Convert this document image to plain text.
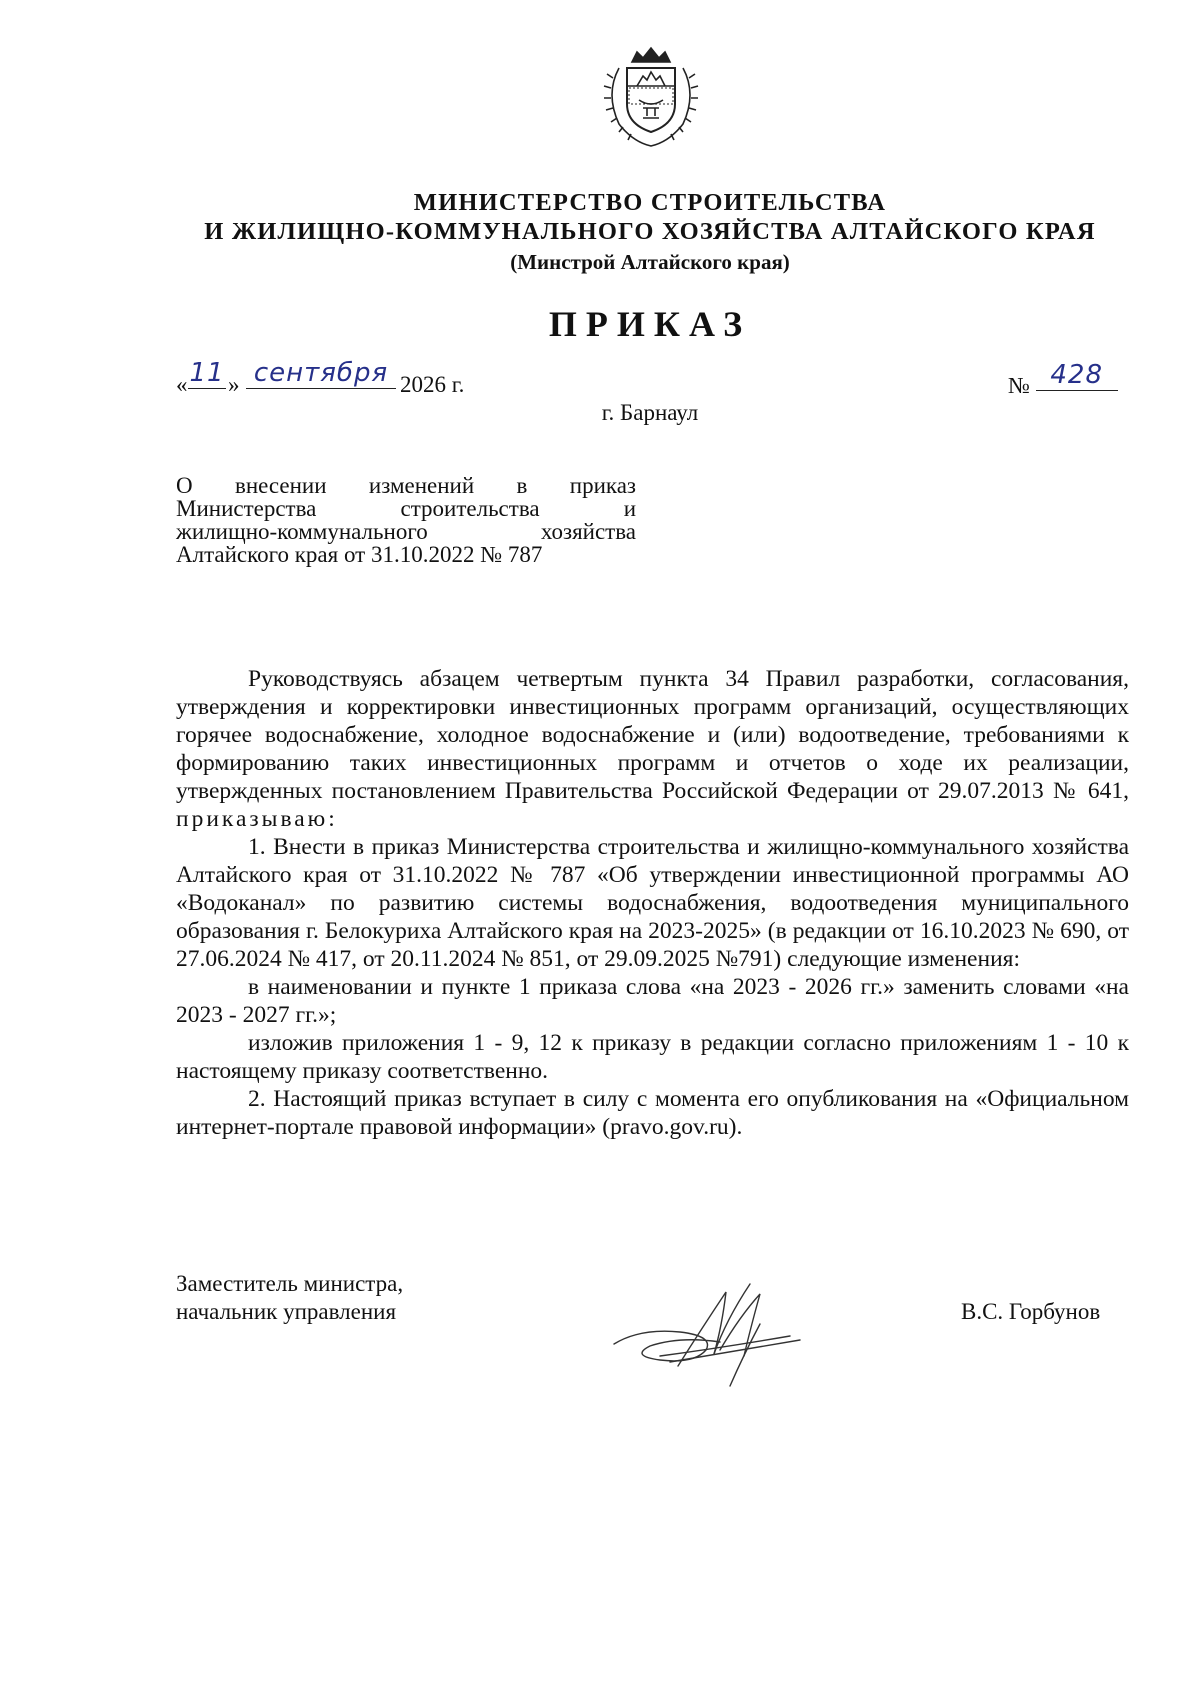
МИНИСТЕРСТВО СТРОИТЕЛЬСТВА
И ЖИЛИЩНО-КОММУНАЛЬНОГО ХОЗЯЙСТВА АЛТАЙСКОГО КРАЯ
(Минстрой Алтайского края)
ПРИКАЗ
« 11 » сентября 2026 г.	№ 428
г. Барнаул
О внесении изменений в приказ
Министерства строительства и
жилищно-коммунального хозяйства
Алтайского края от 31.10.2022 № 787

Руководствуясь абзацем четвертым пункта 34 Правил разработки, согласования, утверждения и корректировки инвестиционных программ организаций, осуществляющих горячее водоснабжение, холодное водоснабжение и (или) водоотведение, требованиями к формированию таких инвестиционных программ и отчетов о ходе их реализации, утвержденных постановлением Правительства Российской Федерации от 29.07.2013 № 641, приказываю:

1. Внести в приказ Министерства строительства и жилищно-коммунального хозяйства Алтайского края от 31.10.2022 № 787 «Об утверждении инвестиционной программы АО «Водоканал» по развитию системы водоснабжения, водоотведения муниципального образования г. Белокуриха Алтайского края на 2023-2025» (в редакции от 16.10.2023 № 690, от 27.06.2024 № 417, от 20.11.2024 № 851, от 29.09.2025 №791) следующие изменения:

в наименовании и пункте 1 приказа слова «на 2023 - 2026 гг.» заменить словами «на 2023 - 2027 гг.»;

изложив приложения 1 - 9, 12 к приказу в редакции согласно приложениям 1 - 10 к настоящему приказу соответственно.

2. Настоящий приказ вступает в силу с момента его опубликования на «Официальном интернет-портале правовой информации» (pravo.gov.ru).

Заместитель министра,
начальник управления	В.С. Горбунов
